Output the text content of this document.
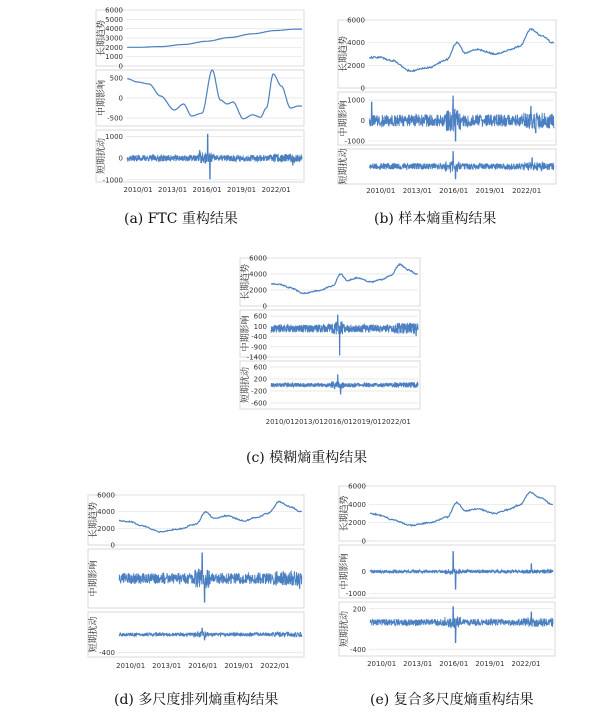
0
1000
2000
3000
4000
5000
6000
长期趋势
-500
0
500
中期影响
-1000
0
1000
短期扰动
2010/01 2013/01 2016/01 2019/01 2022/01
(a) FTC 重构结果
0
2000
4000
6000
长期趋势
-1000
0
1000
中期影响
短期扰动
2010/01 2013/01 2016/01 2019/01 2022/01
(b) 样本熵重构结果
0
2000
4000
6000
长期趋势
-1400
-900
-400
100
600
中期影响
-600
-200
200
600
短期扰动
2010/01 2013/01 2016/01 2019/01 2022/01
(c) 模糊熵重构结果
0
2000
4000
6000
长期趋势
中期影响
-400
短期扰动
2010/01 2013/01 2016/01 2019/01 2022/01
(d) 多尺度排列熵重构结果
0
2000
4000
6000
长期趋势
0
-1000
中期影响
200
-400
短期扰动
2010/01 2013/01 2016/01 2019/01 2022/01
(e) 复合多尺度熵重构结果
